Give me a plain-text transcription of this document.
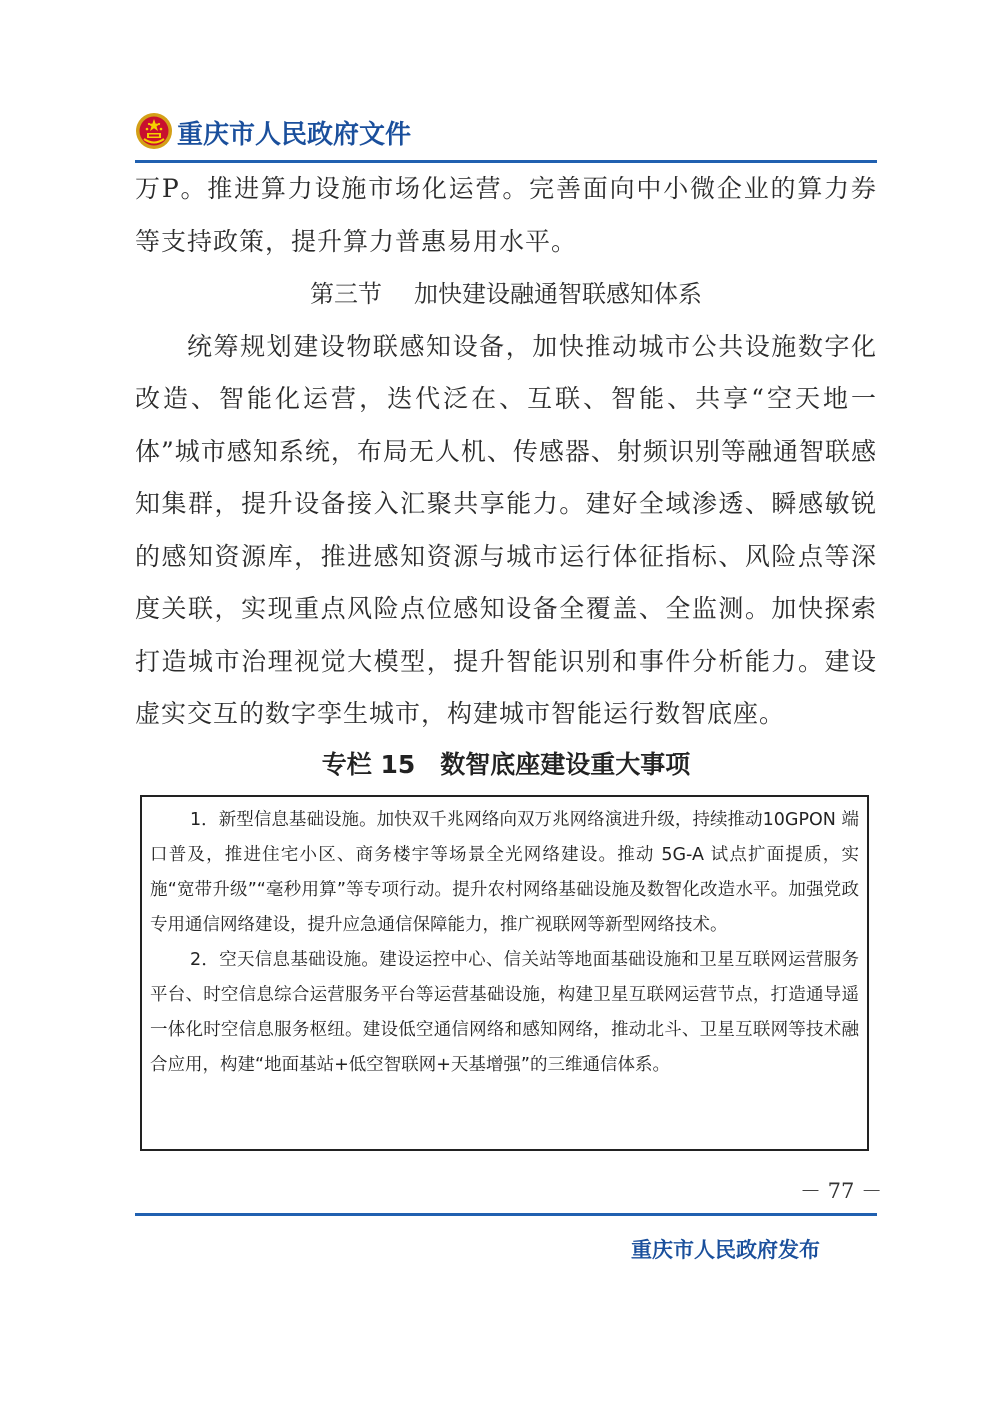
重庆市人民政府文件

万P。推进算力设施市场化运营。完善面向中小微企业的算力券等支持政策，提升算力普惠易用水平。

第三节 加快建设融通智联感知体系

统筹规划建设物联感知设备，加快推动城市公共设施数字化改造、智能化运营，迭代泛在、互联、智能、共享“空天地一体”城市感知系统，布局无人机、传感器、射频识别等融通智联感知集群，提升设备接入汇聚共享能力。建好全域渗透、瞬感敏锐的感知资源库，推进感知资源与城市运行体征指标、风险点等深度关联，实现重点风险点位感知设备全覆盖、全监测。加快探索打造城市治理视觉大模型，提升智能识别和事件分析能力。建设虚实交互的数字孪生城市，构建城市智能运行数智底座。

专栏 15　数智底座建设重大事项

1．新型信息基础设施。加快双千兆网络向双万兆网络演进升级，持续推动10GPON 端口普及，推进住宅小区、商务楼宇等场景全光网络建设。推动 5G-A 试点扩面提质，实施“宽带升级”“毫秒用算”等专项行动。提升农村网络基础设施及数智化改造水平。加强党政专用通信网络建设，提升应急通信保障能力，推广视联网等新型网络技术。

2．空天信息基础设施。建设运控中心、信关站等地面基础设施和卫星互联网运营服务平台、时空信息综合运营服务平台等运营基础设施，构建卫星互联网运营节点，打造通导遥一体化时空信息服务枢纽。建设低空通信网络和感知网络，推动北斗、卫星互联网等技术融合应用，构建“地面基站+低空智联网+天基增强”的三维通信体系。

－ 77 －
重庆市人民政府发布
